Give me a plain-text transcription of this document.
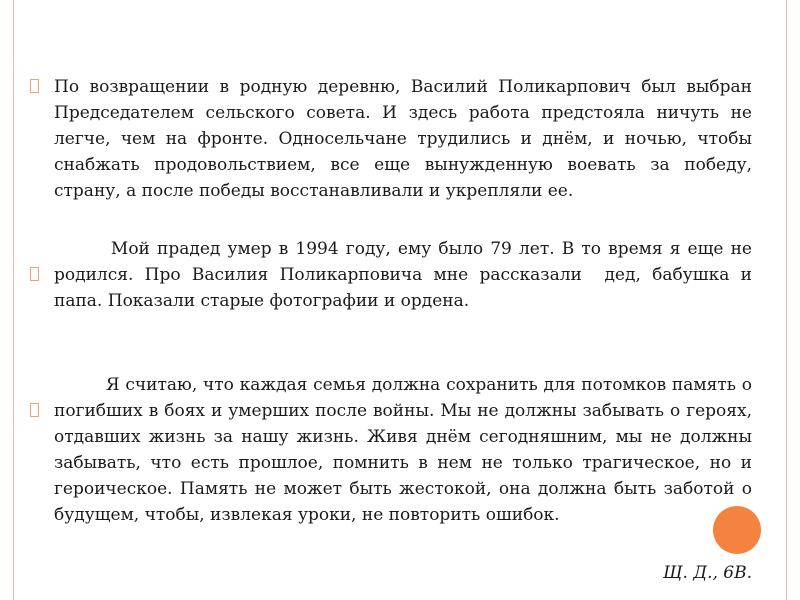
По возвращении в родную деревню, Василий Поликарпович был выбран Председателем сельского совета. И здесь работа предстояла ничуть не легче, чем на фронте. Односельчане трудились и днём, и ночью, чтобы снабжать продовольствием, все еще вынужденную воевать за победу, страну, а после победы восстанавливали и укрепляли ее.

Мой прадед умер в 1994 году, ему было 79 лет. В то время я еще не родился. Про Василия Поликарповича мне рассказали  дед, бабушка и папа. Показали старые фотографии и ордена.

Я считаю, что каждая семья должна сохранить для потомков память о погибших в боях и умерших после войны. Мы не должны забывать о героях, отдавших жизнь за нашу жизнь. Живя днём сегодняшним, мы не должны забывать, что есть прошлое, помнить в нем не только трагическое, но и героическое. Память не может быть жестокой, она должна быть заботой о будущем, чтобы, извлекая уроки, не повторить ошибок.

Щ. Д., 6В.
